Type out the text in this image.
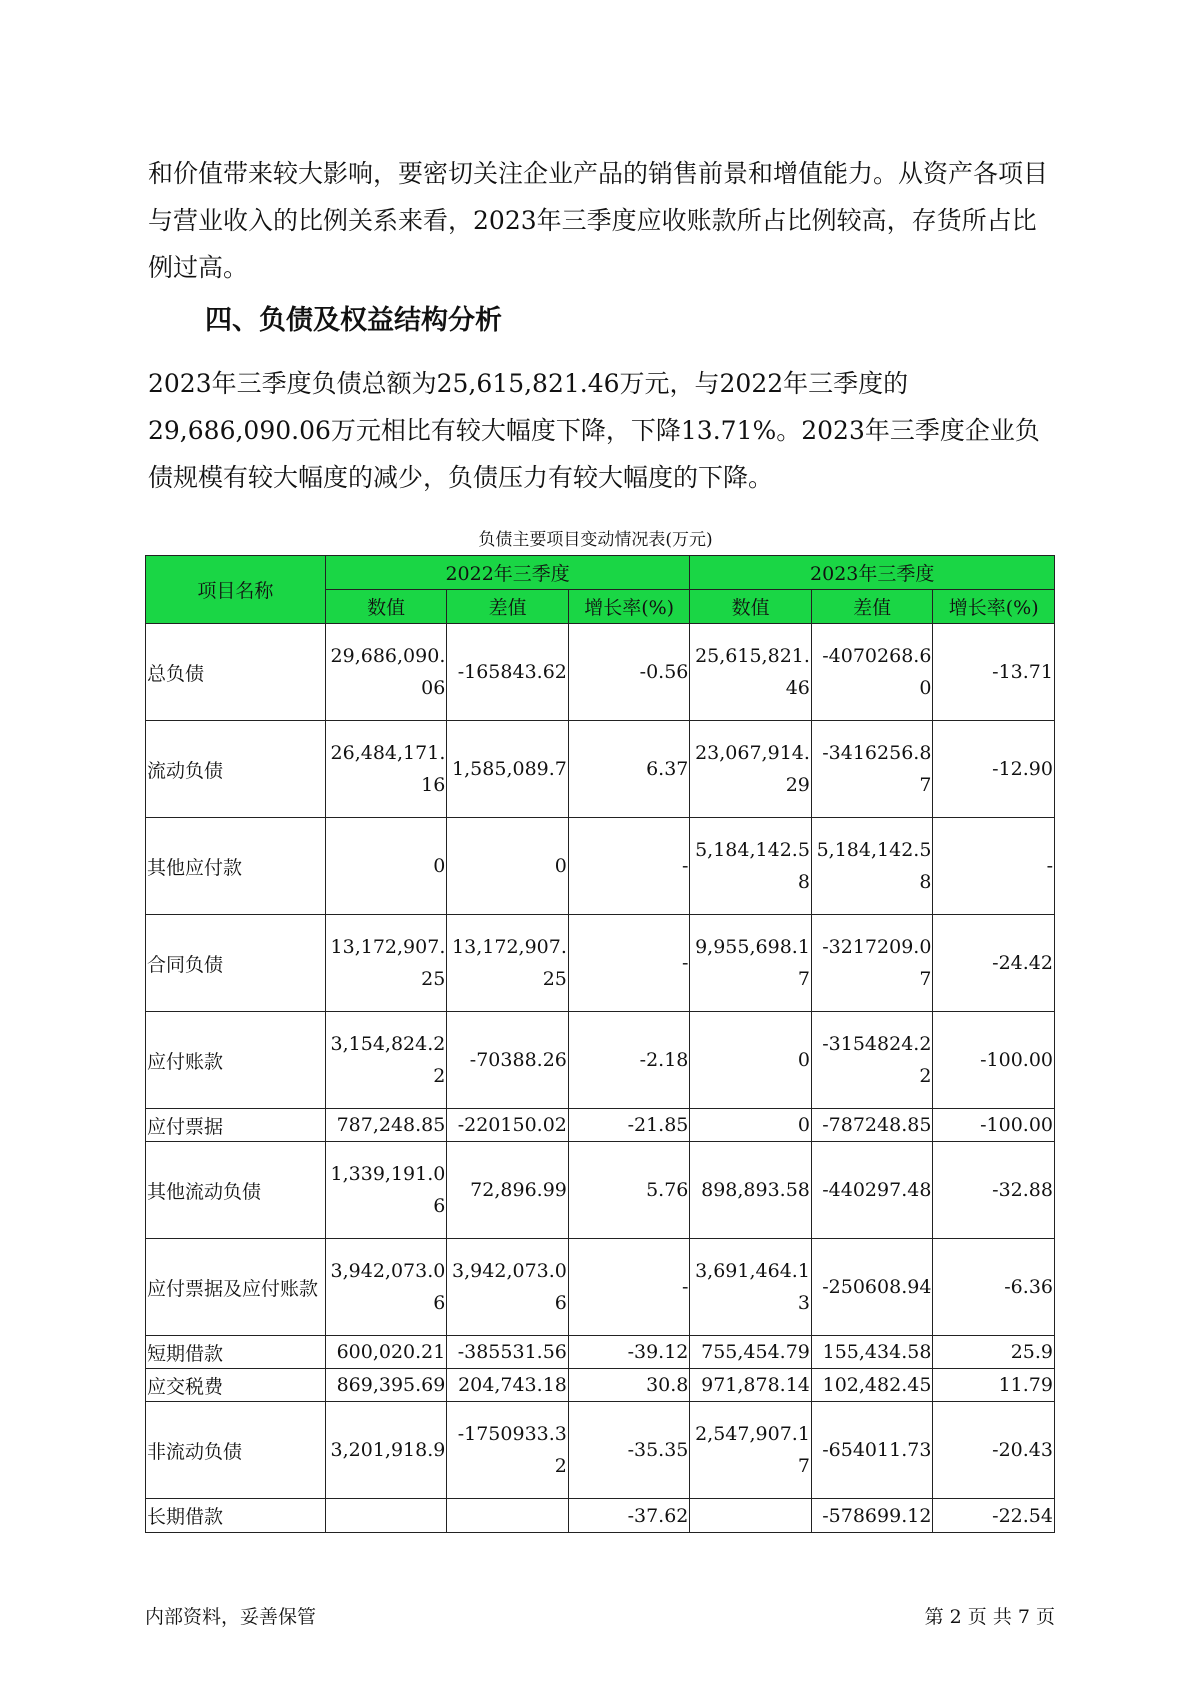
和价值带来较大影响，要密切关注企业产品的销售前景和增值能力。从资产各项目与营业收入的比例关系来看，2023年三季度应收账款所占比例较高，存货所占比例过高。

四、负债及权益结构分析

2023年三季度负债总额为25,615,821.46万元，与2022年三季度的29,686,090.06万元相比有较大幅度下降，下降13.71%。2023年三季度企业负债规模有较大幅度的减少，负债压力有较大幅度的下降。

负债主要项目变动情况表(万元)

项目名称	2022年三季度			2023年三季度		
	数值	差值	增长率(%)	数值	差值	增长率(%)
总负债	29,686,090.06	-165843.62	-0.56	25,615,821.46	-4070268.60	-13.71
流动负债	26,484,171.16	1,585,089.7	6.37	23,067,914.29	-3416256.87	-12.90
其他应付款	0	0	-	5,184,142.58	5,184,142.58	-
合同负债	13,172,907.25	13,172,907.25	-	9,955,698.17	-3217209.07	-24.42
应付账款	3,154,824.22	-70388.26	-2.18	0	-3154824.22	-100.00
应付票据	787,248.85	-220150.02	-21.85	0	-787248.85	-100.00
其他流动负债	1,339,191.06	72,896.99	5.76	898,893.58	-440297.48	-32.88
应付票据及应付账款	3,942,073.06	3,942,073.06	-	3,691,464.13	-250608.94	-6.36
短期借款	600,020.21	-385531.56	-39.12	755,454.79	155,434.58	25.9
应交税费	869,395.69	204,743.18	30.8	971,878.14	102,482.45	11.79
非流动负债	3,201,918.9	-1750933.32	-35.35	2,547,907.17	-654011.73	-20.43
长期借款			-37.62		-578699.12	-22.54

内部资料，妥善保管	第 2 页 共 7 页
